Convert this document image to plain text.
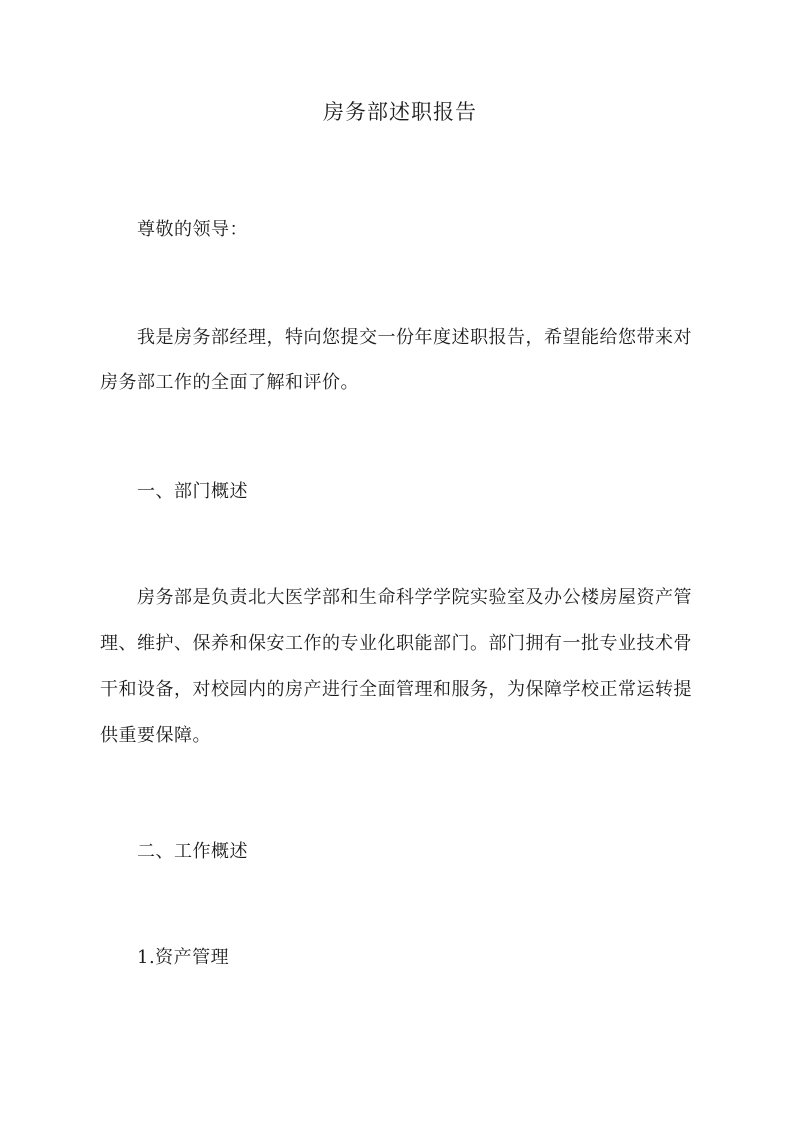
房务部述职报告
尊敬的领导：
我是房务部经理，特向您提交一份年度述职报告，希望能给您带来对
房务部工作的全面了解和评价。
一、部门概述
房务部是负责北大医学部和生命科学学院实验室及办公楼房屋资产管
理、维护、保养和保安工作的专业化职能部门。部门拥有一批专业技术骨
干和设备，对校园内的房产进行全面管理和服务，为保障学校正常运转提
供重要保障。
二、工作概述
1.资产管理
